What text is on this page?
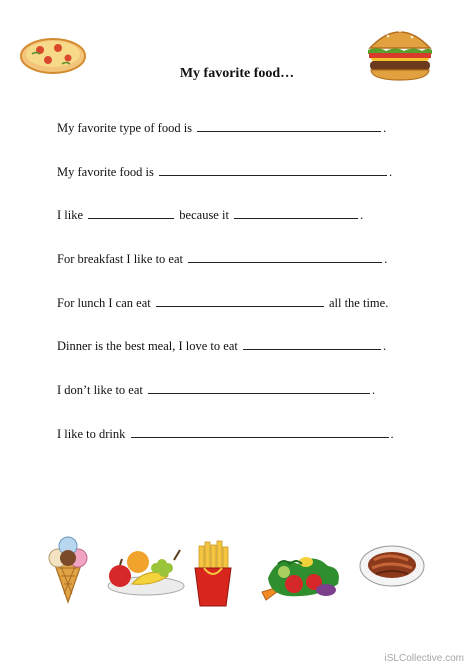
My favorite food…
My favorite type of food is	.
My favorite food is	.
I like	because it	.
For breakfast I like to eat	.
For lunch I can eat	all the time.
Dinner is the best meal, I love to eat	.
I don’t like to eat	.
I like to drink	.
iSLCollective.com
